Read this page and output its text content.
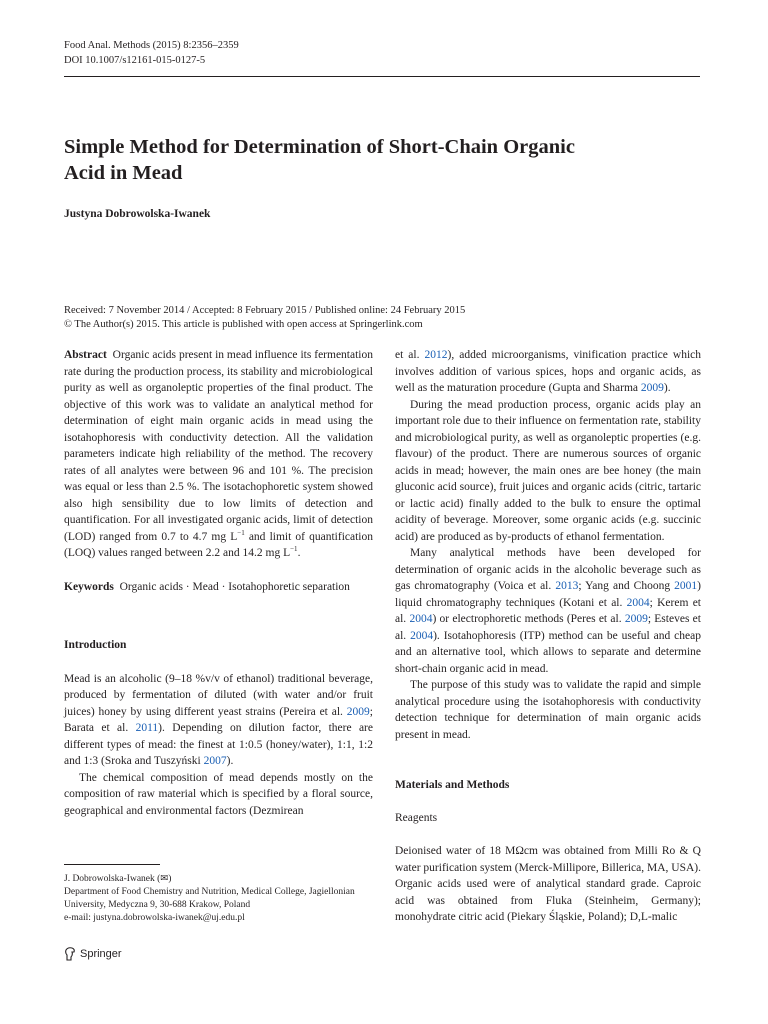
Food Anal. Methods (2015) 8:2356–2359
DOI 10.1007/s12161-015-0127-5
Simple Method for Determination of Short-Chain Organic
Acid in Mead
Justyna Dobrowolska-Iwanek
Received: 7 November 2014 / Accepted: 8 February 2015 / Published online: 24 February 2015
© The Author(s) 2015. This article is published with open access at Springerlink.com

Abstract Organic acids present in mead influence its fermentation rate during the production process, its stability and microbiological purity as well as organoleptic properties of the final product. The objective of this work was to validate an analytical method for determination of eight main organic acids in mead using the isotahophoresis with conductivity detection. All the validation parameters indicate high reliability of the method. The recovery rates of all analytes were between 96 and 101 %. The precision was equal or less than 2.5 %. The isotachophoretic system showed also high sensibility due to low limits of detection and quantification. For all investigated organic acids, limit of detection (LOD) ranged from 0.7 to 4.7 mg $L^{-1}$ and limit of quantification (LOQ) values ranged between 2.2 and 14.2 mg $L^{-1}$.

Keywords Organic acids · Mead · Isotahophoretic separation

Introduction

Mead is an alcoholic (9–18 %v/v of ethanol) traditional beverage, produced by fermentation of diluted (with water and/or fruit juices) honey by using different yeast strains (Pereira et al. 2009; Barata et al. 2011). Depending on dilution factor, there are different types of mead: the finest at 1:0.5 (honey/water), 1:1, 1:2 and 1:3 (Sroka and Tuszyński 2007).

The chemical composition of mead depends mostly on the composition of raw material which is specified by a floral source, geographical and environmental factors (Dezmirean

J. Dobrowolska-Iwanek (✉)
Department of Food Chemistry and Nutrition, Medical College, Jagiellonian University, Medyczna 9, 30-688 Krakow, Poland
e-mail: justyna.dobrowolska-iwanek@uj.edu.pl
Springer

et al. 2012), added microorganisms, vinification practice which involves addition of various spices, hops and organic acids, as well as the maturation procedure (Gupta and Sharma 2009).

During the mead production process, organic acids play an important role due to their influence on fermentation rate, stability and microbiological purity, as well as organoleptic properties (e.g. flavour) of the product. There are numerous sources of organic acids in mead; however, the main ones are bee honey (the main gluconic acid source), fruit juices and organic acids (citric, tartaric or lactic acid) finally added to the bulk to ensure the optimal acidity of beverage. Moreover, some organic acids (e.g. succinic acid) are produced as by-products of ethanol fermentation.

Many analytical methods have been developed for determination of organic acids in the alcoholic beverage such as gas chromatography (Voica et al. 2013; Yang and Choong 2001) liquid chromatography techniques (Kotani et al. 2004; Kerem et al. 2004) or electrophoretic methods (Peres et al. 2009; Esteves et al. 2004). Isotahophoresis (ITP) method can be useful and cheap and an alternative tool, which allows to separate and determine short-chain organic acid in mead.

The purpose of this study was to validate the rapid and simple analytical procedure using the isotahophoresis with conductivity detection technique for determination of main organic acids present in mead.

Materials and Methods

Reagents

Deionised water of 18 MΩcm was obtained from Milli Ro & Q water purification system (Merck-Millipore, Billerica, MA, USA). Organic acids used were of analytical standard grade. Caproic acid was obtained from Fluka (Steinheim, Germany); monohydrate citric acid (Piekary Śląskie, Poland); D,L-malic
